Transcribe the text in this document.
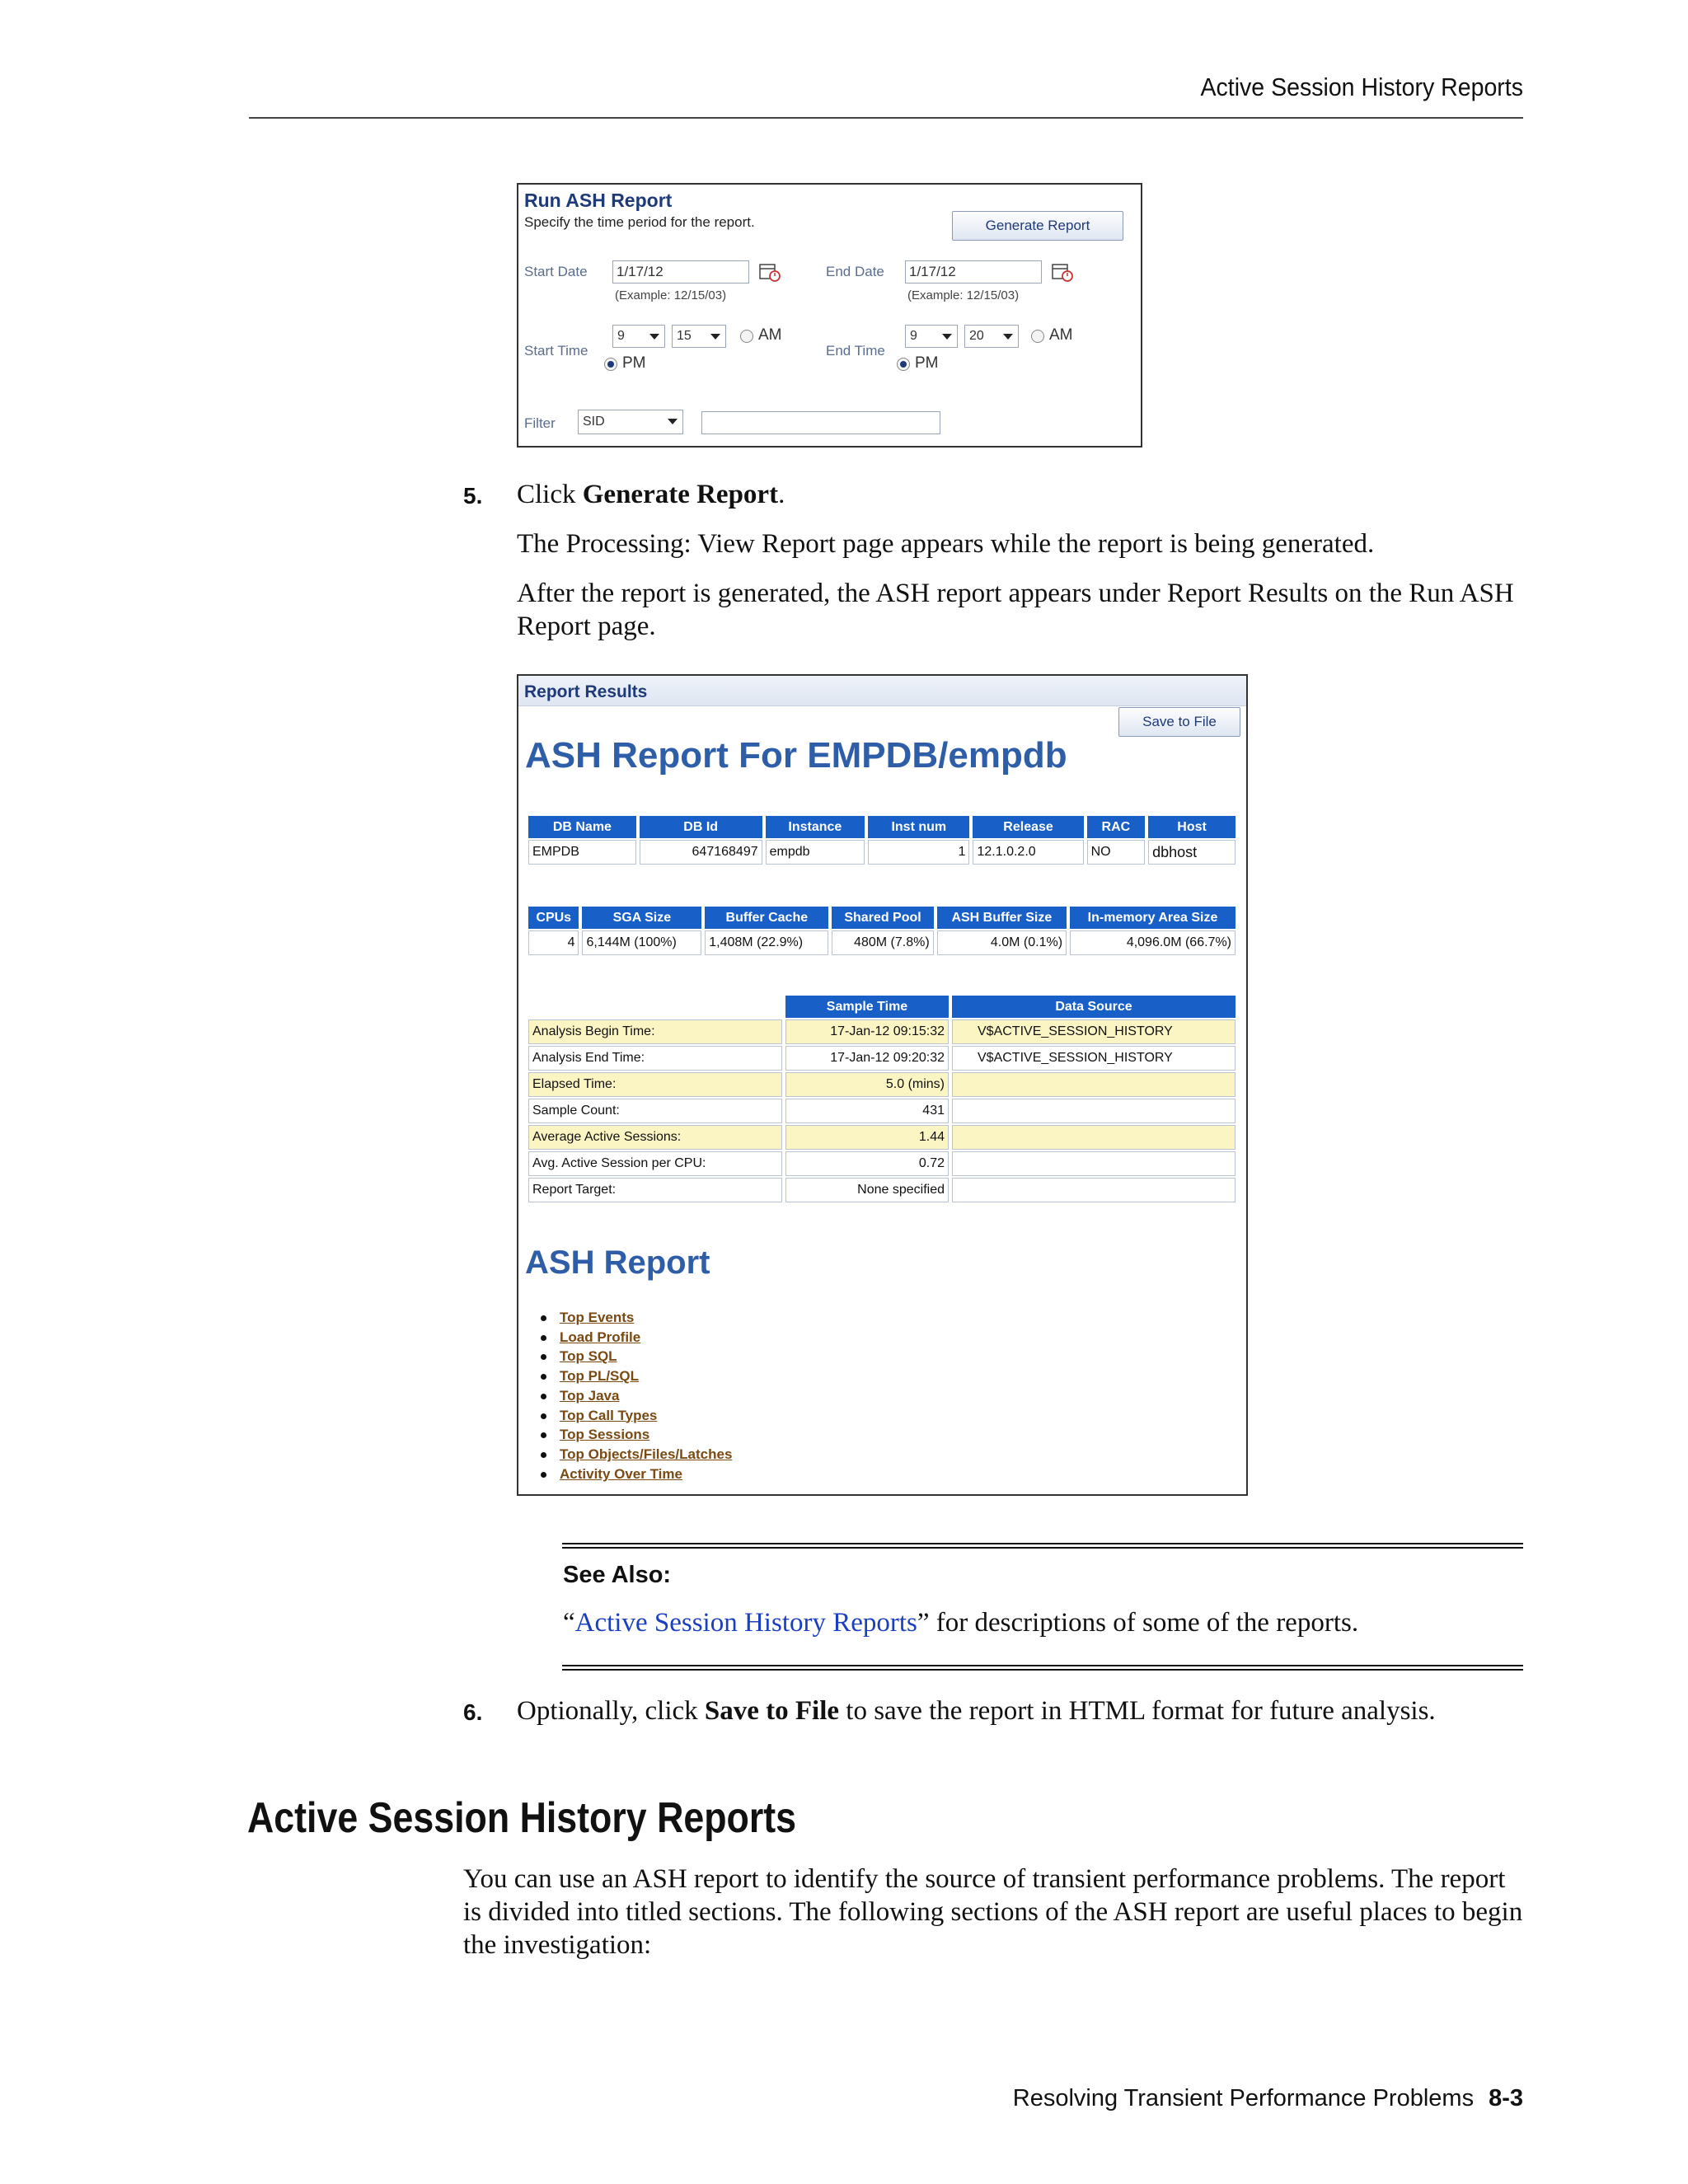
Active Session History Reports
Run ASH Report
Specify the time period for the report.	Generate Report
Start Date 1/17/12
(Example: 12/15/03)
End Date 1/17/12
(Example: 12/15/03)
Start Time
9	15	AM
PM
End Time
9	20	AM
PM
Filter	SID
5. Click Generate Report.
The Processing: View Report page appears while the report is being generated.
After the report is generated, the ASH report appears under Report Results on the Run ASH Report page.
Report Results
Save to File
ASH Report For EMPDB/empdb
DB Name	DB Id	Instance	Inst num	Release	RAC	Host
EMPDB	647168497	empdb	1	12.1.0.2.0	NO	dbhost
CPUs	SGA Size	Buffer Cache	Shared Pool	ASH Buffer Size	In-memory Area Size
4	6,144M (100%)	1,408M (22.9%)	480M (7.8%)	4.0M (0.1%)	4,096.0M (66.7%)
	Sample Time	Data Source
Analysis Begin Time:	17-Jan-12 09:15:32	V$ACTIVE_SESSION_HISTORY
Analysis End Time:	17-Jan-12 09:20:32	V$ACTIVE_SESSION_HISTORY
Elapsed Time:	5.0 (mins)	
Sample Count:	431	
Average Active Sessions:	1.44	
Avg. Active Session per CPU:	0.72	
Report Target:	None specified	
ASH Report
Top Events
Load Profile
Top SQL
Top PL/SQL
Top Java
Top Call Types
Top Sessions
Top Objects/Files/Latches
Activity Over Time
See Also:
“Active Session History Reports” for descriptions of some of the reports.
6. Optionally, click Save to File to save the report in HTML format for future analysis.
Active Session History Reports
You can use an ASH report to identify the source of transient performance problems. The report is divided into titled sections. The following sections of the ASH report are useful places to begin the investigation:
Resolving Transient Performance Problems 8-3
